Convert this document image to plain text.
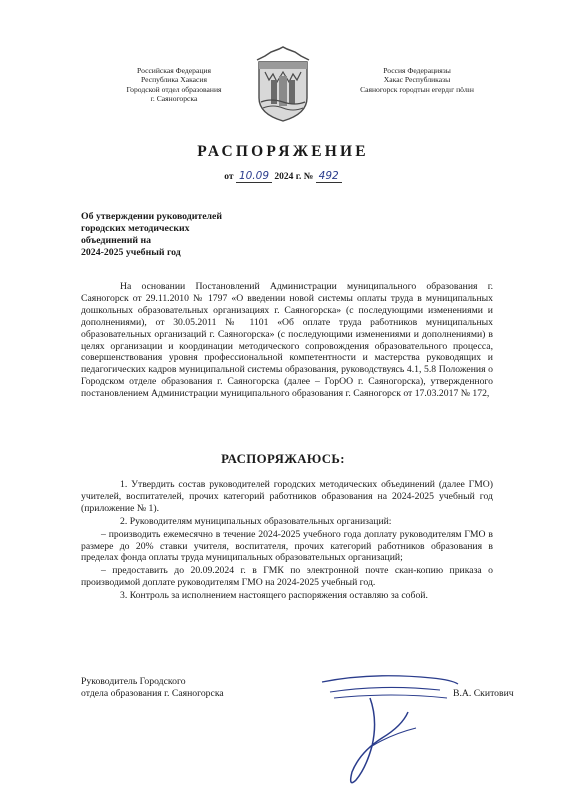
Российская Федерация
Республика Хакасия
Городской отдел образования
г. Саяногорска
Россия Федерациязы
Хакас Республиказы
Саяногорск городтын егердıг пӧлıн
РАСПОРЯЖЕНИЕ
от 10.09 2024 г. № 492
Об утверждении руководителей
городских методических
объединений на
2024-2025 учебный год
На основании Постановлений Администрации муниципального образования г. Саяногорск от 29.11.2010 № 1797 «О введении новой системы оплаты труда в муниципальных дошкольных образовательных организациях г. Саяногорска» (с последующими изменениями и дополнениями), от 30.05.2011 № 1101 «Об оплате труда работников муниципальных образовательных организаций г. Саяногорска» (с последующими изменениями и дополнениями) в целях организации и координации методического сопровождения образовательного процесса, совершенствования уровня профессиональной компетентности и мастерства руководящих и педагогических кадров муниципальной системы образования, руководствуясь 4.1, 5.8 Положения о Городском отделе образования г. Саяногорска (далее – ГорОО г. Саяногорска), утвержденного постановлением Администрации муниципального образования г. Саяногорск от 17.03.2017 № 172,
РАСПОРЯЖАЮСЬ:

1. Утвердить состав руководителей городских методических объединений (далее ГМО) учителей, воспитателей, прочих категорий работников образования на 2024-2025 учебный год (приложение № 1).

2. Руководителям муниципальных образовательных организаций:

– производить ежемесячно в течение 2024-2025 учебного года доплату руководителям ГМО в размере до 20% ставки учителя, воспитателя, прочих категорий работников образования в пределах фонда оплаты труда муниципальных образовательных организаций;

– предоставить до 20.09.2024 г. в ГМК по электронной почте скан-копию приказа о производимой доплате руководителям ГМО на 2024-2025 учебный год.

3. Контроль за исполнением настоящего распоряжения оставляю за собой.

Руководитель Городского
отдела образования г. Саяногорска	В.А. Скитович
